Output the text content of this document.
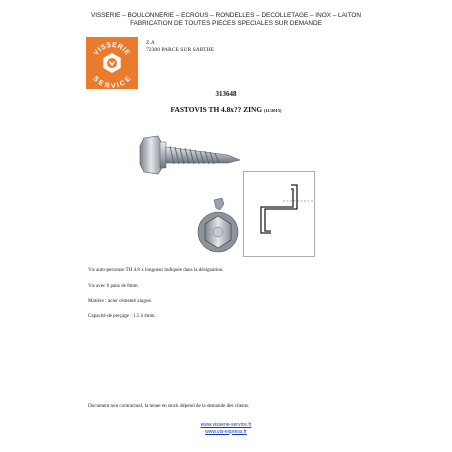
VISSERIE – BOULONNERIE – ECROUS – RONDELLES – DECOLLETAGE – INOX – LAITON
FABRICATION DE TOUTES PIECES SPECIALES SUR DEMANDE
VISSERIE
SERVICE
Z.A
72300 PARCE SUR SARTHE
313648
FASTOVIS TH 4.8x?? ZING (11/2015)
Vis auto-perceuse TH 4.8 x longueur indiquée dans la désignation.
Vis avec 6 pans de 8mm.
Matière : acier cémenté zingué.
Capacité de perçage : 1.5 à 4mm.
Document non contractuel, la tenue en stock dépend de la demande des clients.
www.visserie-service.fr
www.vis-express.fr
